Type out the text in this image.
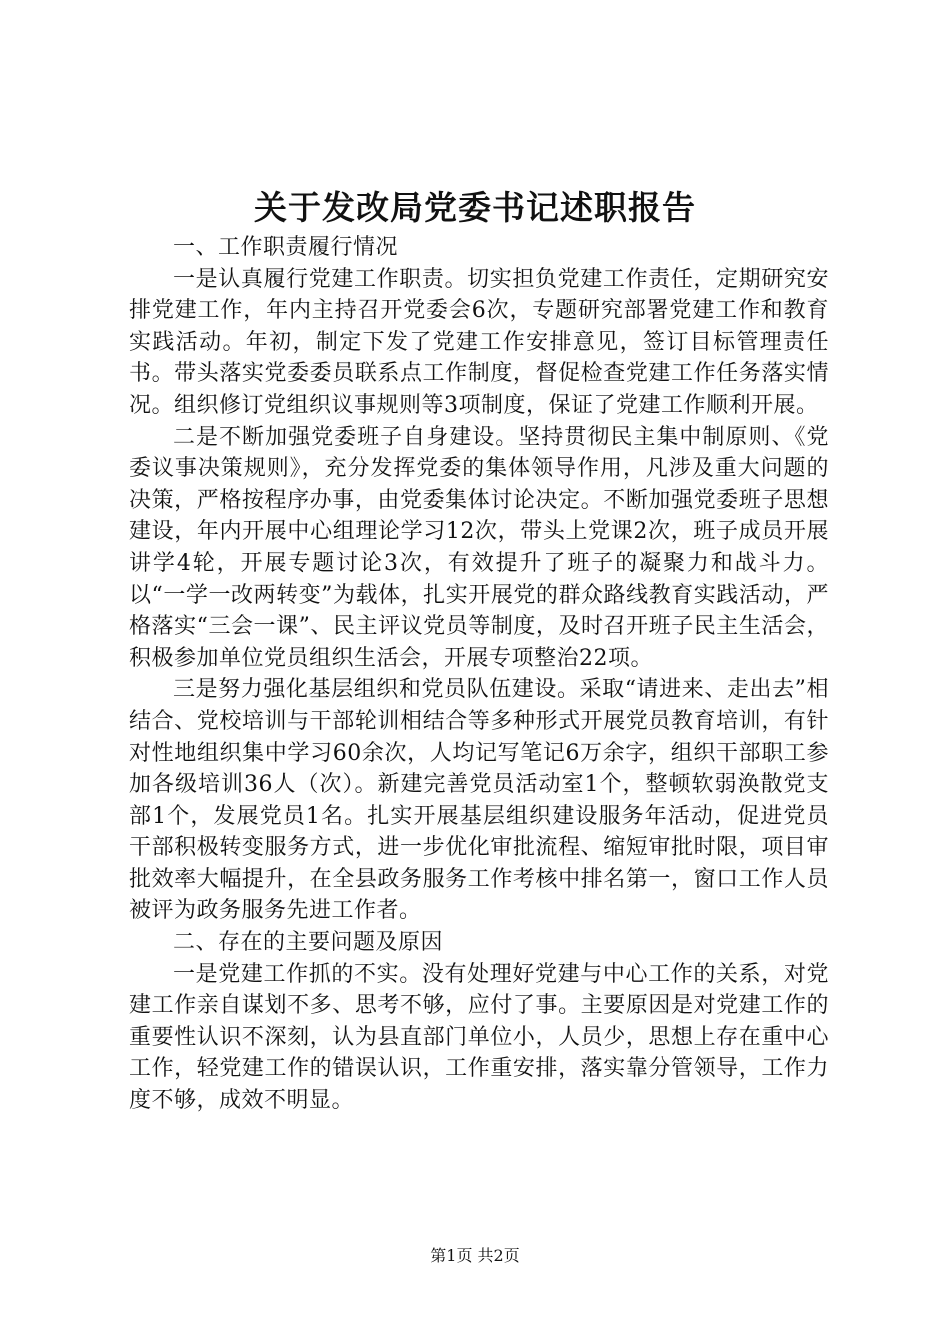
关于发改局党委书记述职报告

一、工作职责履行情况

一是认真履行党建工作职责。切实担负党建工作责任，定期研究安排党建工作，年内主持召开党委会6次，专题研究部署党建工作和教育实践活动。年初，制定下发了党建工作安排意见，签订目标管理责任书。带头落实党委委员联系点工作制度，督促检查党建工作任务落实情况。组织修订党组织议事规则等3项制度，保证了党建工作顺利开展。

二是不断加强党委班子自身建设。坚持贯彻民主集中制原则、《党委议事决策规则》，充分发挥党委的集体领导作用，凡涉及重大问题的决策，严格按程序办事，由党委集体讨论决定。不断加强党委班子思想建设，年内开展中心组理论学习12次，带头上党课2次，班子成员开展讲学4轮，开展专题讨论3次，有效提升了班子的凝聚力和战斗力。以“一学一改两转变”为载体，扎实开展党的群众路线教育实践活动，严格落实“三会一课”、民主评议党员等制度，及时召开班子民主生活会，积极参加单位党员组织生活会，开展专项整治22项。

三是努力强化基层组织和党员队伍建设。采取“请进来、走出去”相结合、党校培训与干部轮训相结合等多种形式开展党员教育培训，有针对性地组织集中学习60余次，人均记写笔记6万余字，组织干部职工参加各级培训36人（次）。新建完善党员活动室1个，整顿软弱涣散党支部1个，发展党员1名。扎实开展基层组织建设服务年活动，促进党员干部积极转变服务方式，进一步优化审批流程、缩短审批时限，项目审批效率大幅提升，在全县政务服务工作考核中排名第一，窗口工作人员被评为政务服务先进工作者。

二、存在的主要问题及原因

一是党建工作抓的不实。没有处理好党建与中心工作的关系，对党建工作亲自谋划不多、思考不够，应付了事。主要原因是对党建工作的重要性认识不深刻，认为县直部门单位小，人员少，思想上存在重中心工作，轻党建工作的错误认识，工作重安排，落实靠分管领导，工作力度不够，成效不明显。

第1页 共2页
